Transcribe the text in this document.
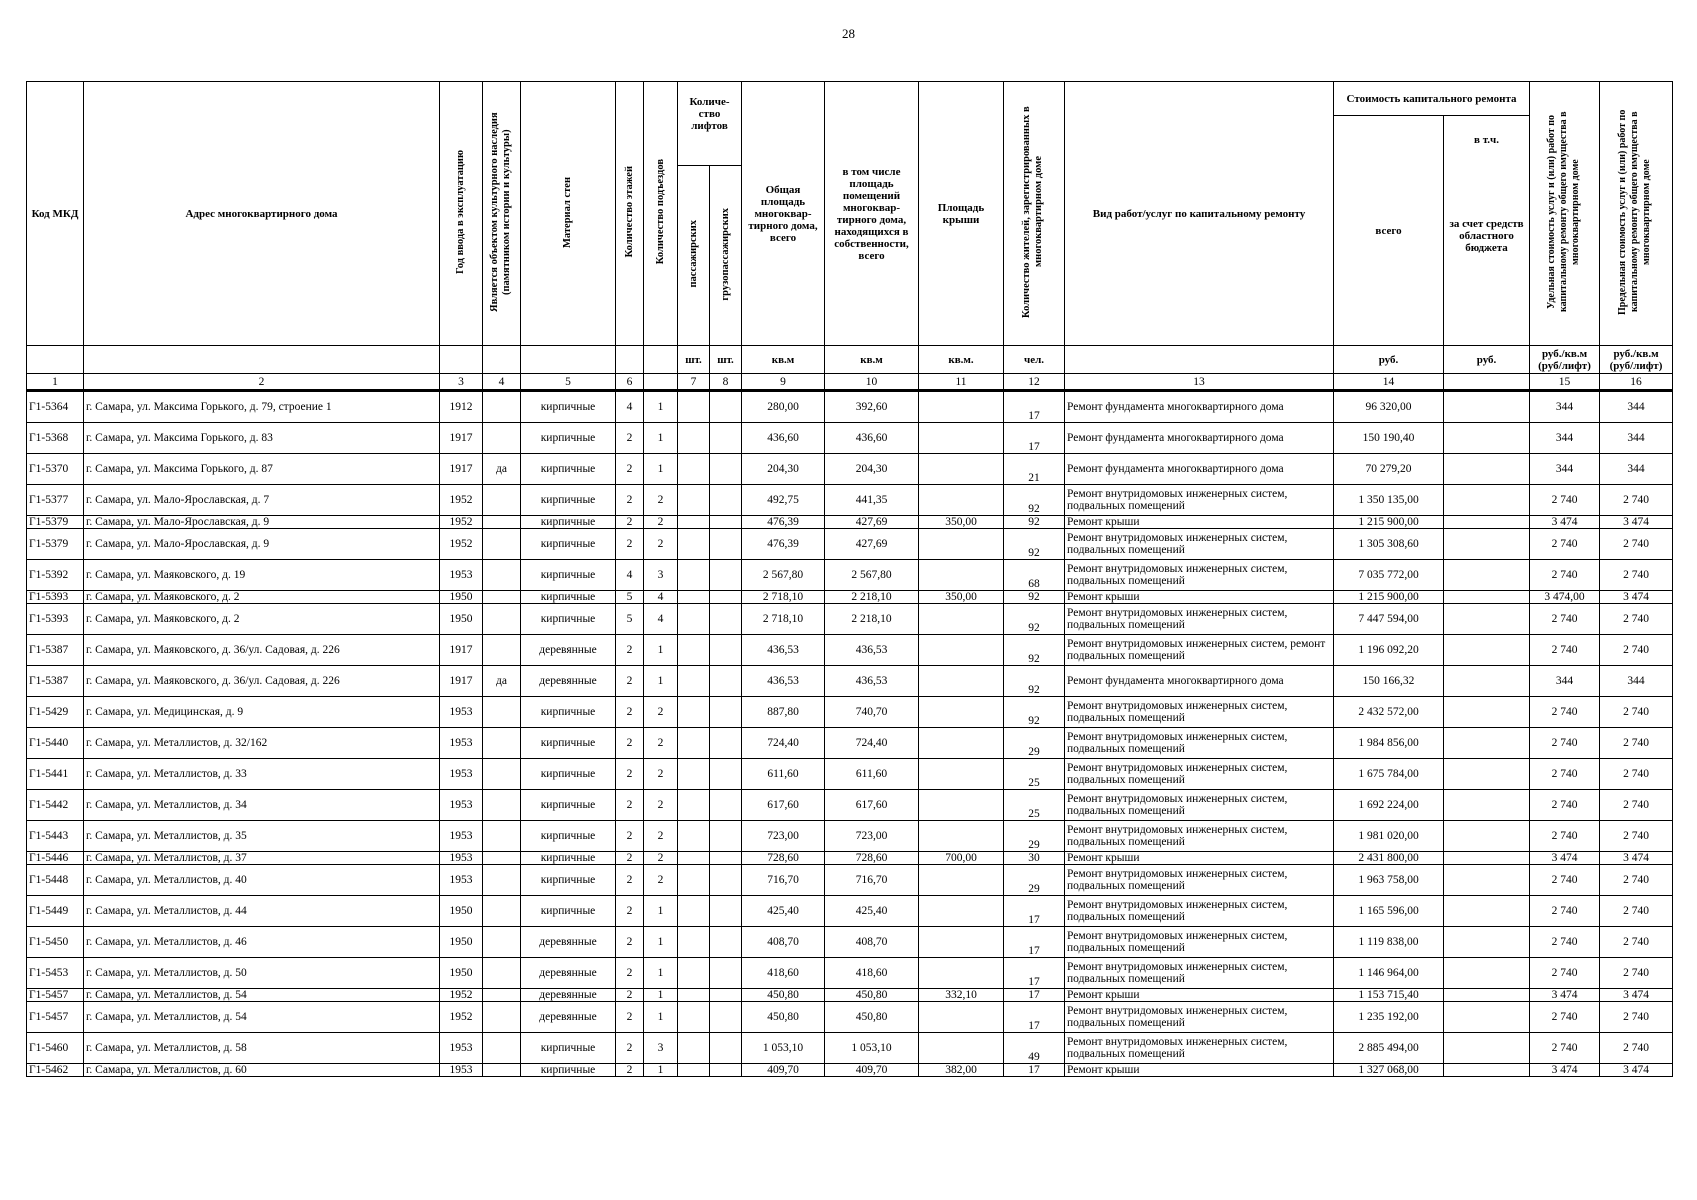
28
Код МКД	Адрес многоквартирного дома	Год ввода в эксплуатацию	Является объектом культурного наследия (памятником истории и культуры)	Материал стен	Количество этажей	Количество подъездов	Количе-ство лифтов		Общая площадь многоквар-тирного дома, всего	в том числе площадь помещений многоквар-тирного дома, находящихся в собственности, всего	Площадь крыши	Количество жителей, зарегистрированных в многоквартирном доме	Вид работ/услуг по капитальному ремонту	Стоимость капитального ремонта		Удельная стоимость услуг и (или) работ по капитальному ремонту общего имущества в многоквартирном доме	Предельная стоимость услуг и (или) работ по капитальному ремонту общего имущества в многоквартирном доме
														всего	в т.ч.
за счет средств областного бюджета		

							пассажирских	грузопассажирских									
							шт.	шт.	кв.м	кв.м	кв.м.	чел.		руб.	руб.	руб./кв.м (руб/лифт)	руб./кв.м (руб/лифт)
1	2	3	4	5	6		7	8	9	10	11	12	13	14		15	16
Г1-5364	г. Самара, ул. Максима Горького, д. 79, строение 1	1912		кирпичные	4	1			280,00	392,60		17	Ремонт фундамента многоквартирного дома	96 320,00		344	344
Г1-5368	г. Самара, ул. Максима Горького, д. 83	1917		кирпичные	2	1			436,60	436,60		17	Ремонт фундамента многоквартирного дома	150 190,40		344	344
Г1-5370	г. Самара, ул. Максима Горького, д. 87	1917	да	кирпичные	2	1			204,30	204,30		21	Ремонт фундамента многоквартирного дома	70 279,20		344	344
Г1-5377	г. Самара, ул. Мало-Ярославская, д. 7	1952		кирпичные	2	2			492,75	441,35		92	Ремонт внутридомовых инженерных систем, подвальных помещений	1 350 135,00		2 740	2 740
Г1-5379	г. Самара, ул. Мало-Ярославская, д. 9	1952		кирпичные	2	2			476,39	427,69	350,00	92	Ремонт крыши	1 215 900,00		3 474	3 474
Г1-5379	г. Самара, ул. Мало-Ярославская, д. 9	1952		кирпичные	2	2			476,39	427,69		92	Ремонт внутридомовых инженерных систем, подвальных помещений	1 305 308,60		2 740	2 740
Г1-5392	г. Самара, ул. Маяковского, д. 19	1953		кирпичные	4	3			2 567,80	2 567,80		68	Ремонт внутридомовых инженерных систем, подвальных помещений	7 035 772,00		2 740	2 740
Г1-5393	г. Самара, ул. Маяковского, д. 2	1950		кирпичные	5	4			2 718,10	2 218,10	350,00	92	Ремонт крыши	1 215 900,00		3 474,00	3 474
Г1-5393	г. Самара, ул. Маяковского, д. 2	1950		кирпичные	5	4			2 718,10	2 218,10		92	Ремонт внутридомовых инженерных систем, подвальных помещений	7 447 594,00		2 740	2 740
Г1-5387	г. Самара, ул. Маяковского, д. 36/ул. Садовая, д. 226	1917		деревянные	2	1			436,53	436,53		92	Ремонт внутридомовых инженерных систем, ремонт подвальных помещений	1 196 092,20		2 740	2 740
Г1-5387	г. Самара, ул. Маяковского, д. 36/ул. Садовая, д. 226	1917	да	деревянные	2	1			436,53	436,53		92	Ремонт фундамента многоквартирного дома	150 166,32		344	344
Г1-5429	г. Самара, ул. Медицинская, д. 9	1953		кирпичные	2	2			887,80	740,70		92	Ремонт внутридомовых инженерных систем, подвальных помещений	2 432 572,00		2 740	2 740
Г1-5440	г. Самара, ул. Металлистов, д. 32/162	1953		кирпичные	2	2			724,40	724,40		29	Ремонт внутридомовых инженерных систем, подвальных помещений	1 984 856,00		2 740	2 740
Г1-5441	г. Самара, ул. Металлистов, д. 33	1953		кирпичные	2	2			611,60	611,60		25	Ремонт внутридомовых инженерных систем, подвальных помещений	1 675 784,00		2 740	2 740
Г1-5442	г. Самара, ул. Металлистов, д. 34	1953		кирпичные	2	2			617,60	617,60		25	Ремонт внутридомовых инженерных систем, подвальных помещений	1 692 224,00		2 740	2 740
Г1-5443	г. Самара, ул. Металлистов, д. 35	1953		кирпичные	2	2			723,00	723,00		29	Ремонт внутридомовых инженерных систем, подвальных помещений	1 981 020,00		2 740	2 740
Г1-5446	г. Самара, ул. Металлистов, д. 37	1953		кирпичные	2	2			728,60	728,60	700,00	30	Ремонт крыши	2 431 800,00		3 474	3 474
Г1-5448	г. Самара, ул. Металлистов, д. 40	1953		кирпичные	2	2			716,70	716,70		29	Ремонт внутридомовых инженерных систем, подвальных помещений	1 963 758,00		2 740	2 740
Г1-5449	г. Самара, ул. Металлистов, д. 44	1950		кирпичные	2	1			425,40	425,40		17	Ремонт внутридомовых инженерных систем, подвальных помещений	1 165 596,00		2 740	2 740
Г1-5450	г. Самара, ул. Металлистов, д. 46	1950		деревянные	2	1			408,70	408,70		17	Ремонт внутридомовых инженерных систем, подвальных помещений	1 119 838,00		2 740	2 740
Г1-5453	г. Самара, ул. Металлистов, д. 50	1950		деревянные	2	1			418,60	418,60		17	Ремонт внутридомовых инженерных систем, подвальных помещений	1 146 964,00		2 740	2 740
Г1-5457	г. Самара, ул. Металлистов, д. 54	1952		деревянные	2	1			450,80	450,80	332,10	17	Ремонт крыши	1 153 715,40		3 474	3 474
Г1-5457	г. Самара, ул. Металлистов, д. 54	1952		деревянные	2	1			450,80	450,80		17	Ремонт внутридомовых инженерных систем, подвальных помещений	1 235 192,00		2 740	2 740
Г1-5460	г. Самара, ул. Металлистов, д. 58	1953		кирпичные	2	3			1 053,10	1 053,10		49	Ремонт внутридомовых инженерных систем, подвальных помещений	2 885 494,00		2 740	2 740
Г1-5462	г. Самара, ул. Металлистов, д. 60	1953		кирпичные	2	1			409,70	409,70	382,00	17	Ремонт крыши	1 327 068,00		3 474	3 474
